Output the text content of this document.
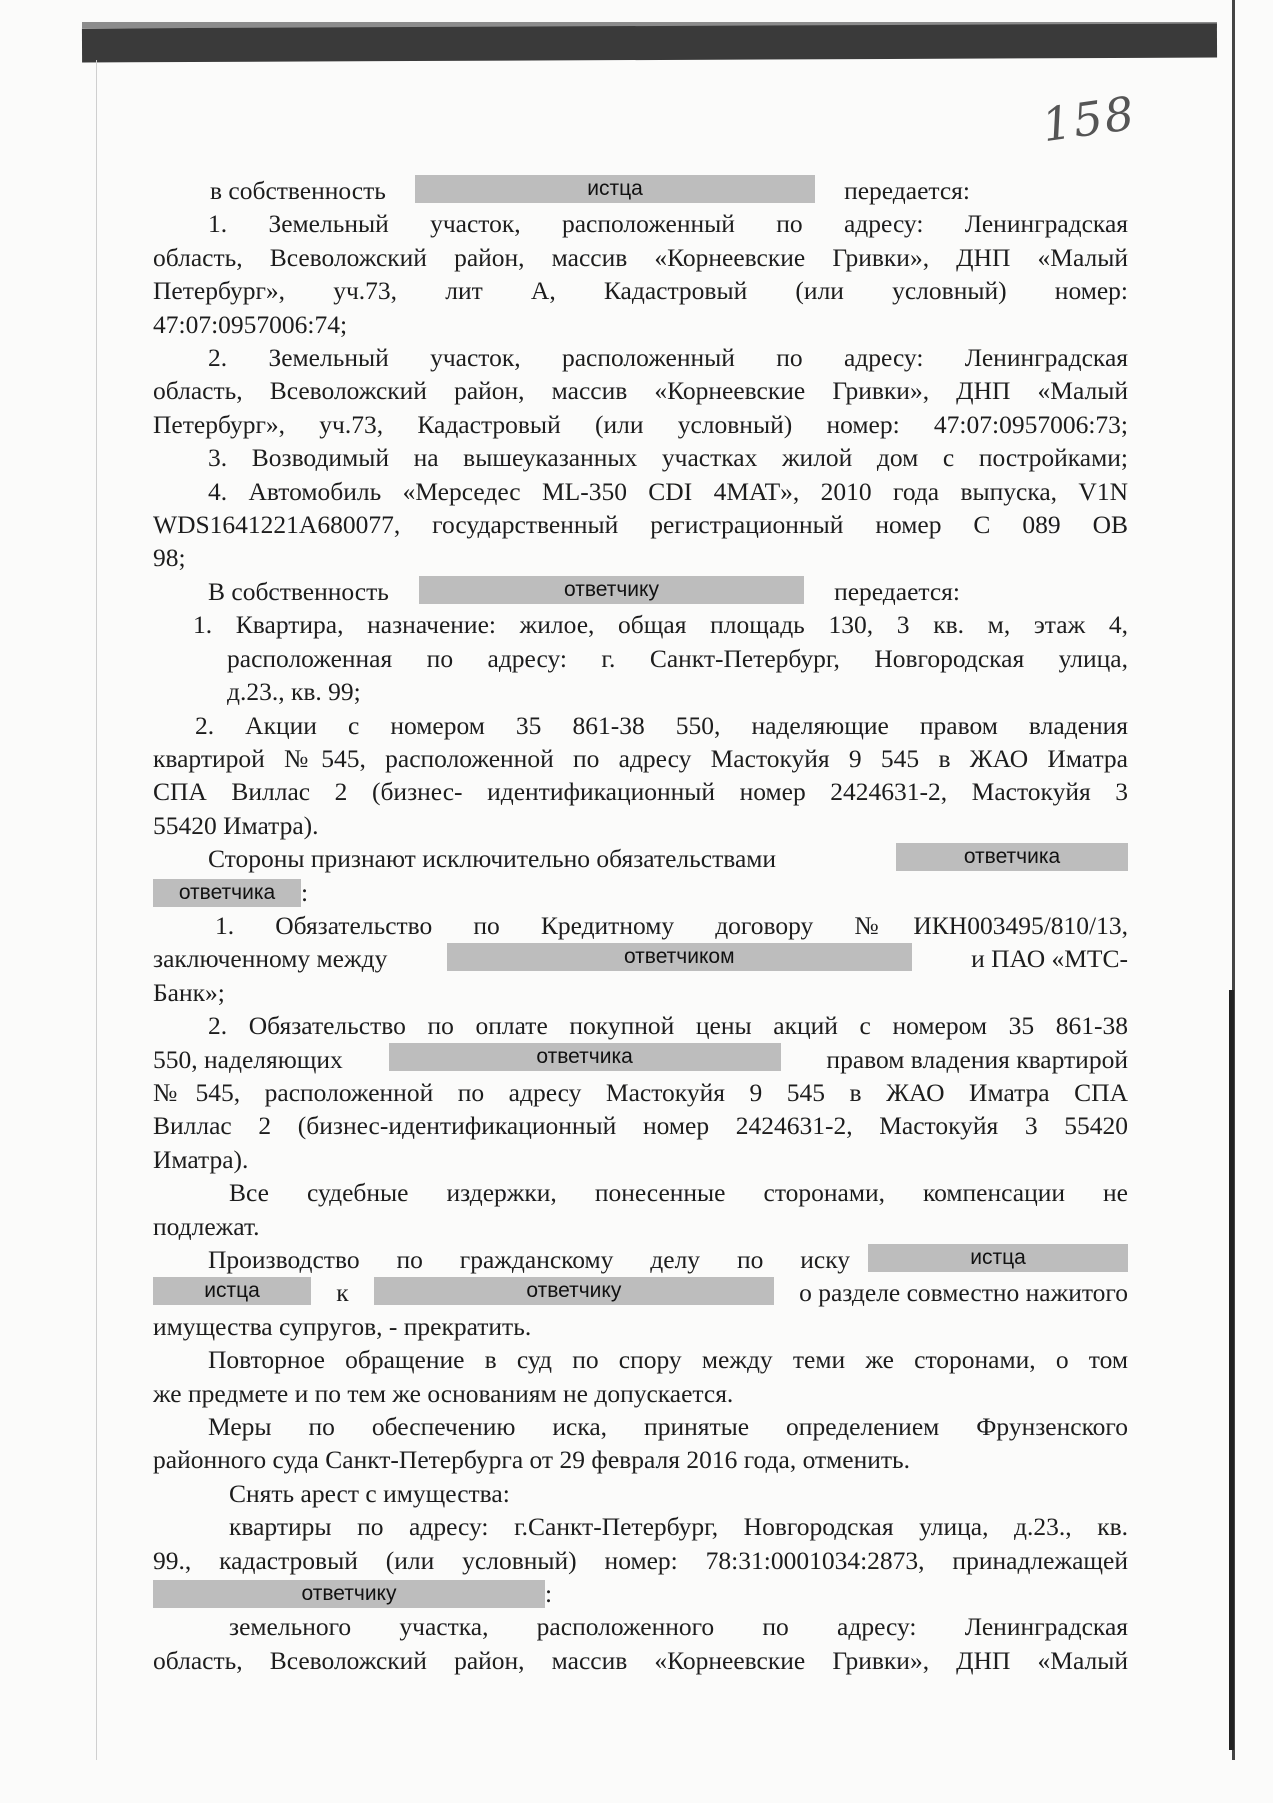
158

в собственность	истца	передается:

1. Земельный участок, расположенный по адресу: Ленинградская

область, Всеволожский район, массив «Корнеевские Гривки», ДНП «Малый

Петербург», уч.73, лит А, Кадастровый (или условный) номер:

47:07:0957006:74;

2. Земельный участок, расположенный по адресу: Ленинградская

область, Всеволожский район, массив «Корнеевские Гривки», ДНП «Малый

Петербург», уч.73, Кадастровый (или условный) номер: 47:07:0957006:73;

3. Возводимый на вышеуказанных участках жилой дом с постройками;

4. Автомобиль «Мерседес ML-350 CDI 4MAT», 2010 года выпуска, V1N

WDS1641221A680077, государственный регистрационный номер С 089 ОВ

98;

В собственность	ответчику	передается:

1. Квартира, назначение: жилое, общая площадь 130, 3 кв. м, этаж 4,

расположенная по адресу: г. Санкт-Петербург, Новгородская улица,

д.23., кв. 99;

2. Акции с номером 35 861-38 550, наделяющие правом владения

квартирой №545, расположенной по адресу Мастокуйя 9 545 в ЖАО Иматра

СПА Виллас 2 (бизнес- идентификационный номер 2424631-2, Мастокуйя 3

55420 Иматра).

Стороны признают исключительно обязательствами	ответчика

ответчика :

1. Обязательство по Кредитному договору №ИКН003495/810/13,

заключенному между	ответчиком	и ПАО «МТС-

Банк»;

2. Обязательство по оплате покупной цены акций с номером 35 861-38

550, наделяющих	ответчика	правом владения квартирой

№545, расположенной по адресу Мастокуйя 9 545 в ЖАО Иматра СПА

Виллас 2 (бизнес-идентификационный номер 2424631-2, Мастокуйя 3 55420

Иматра).

Все судебные издержки, понесенные сторонами, компенсации не

подлежат.

Производство по гражданскому делу по иску	истца

истца	к	ответчику	о разделе совместно нажитого

имущества супругов, - прекратить.

Повторное обращение в суд по спору между теми же сторонами, о том

же предмете и по тем же основаниям не допускается.

Меры по обеспечению иска, принятые определением Фрунзенского

районного суда Санкт-Петербурга от 29 февраля 2016 года, отменить.

Снять арест с имущества:

квартиры по адресу: г.Санкт-Петербург, Новгородская улица, д.23., кв.

99., кадастровый (или условный) номер: 78:31:0001034:2873, принадлежащей

ответчику	:

земельного участка, расположенного по адресу: Ленинградская

область, Всеволожский район, массив «Корнеевские Гривки», ДНП «Малый
